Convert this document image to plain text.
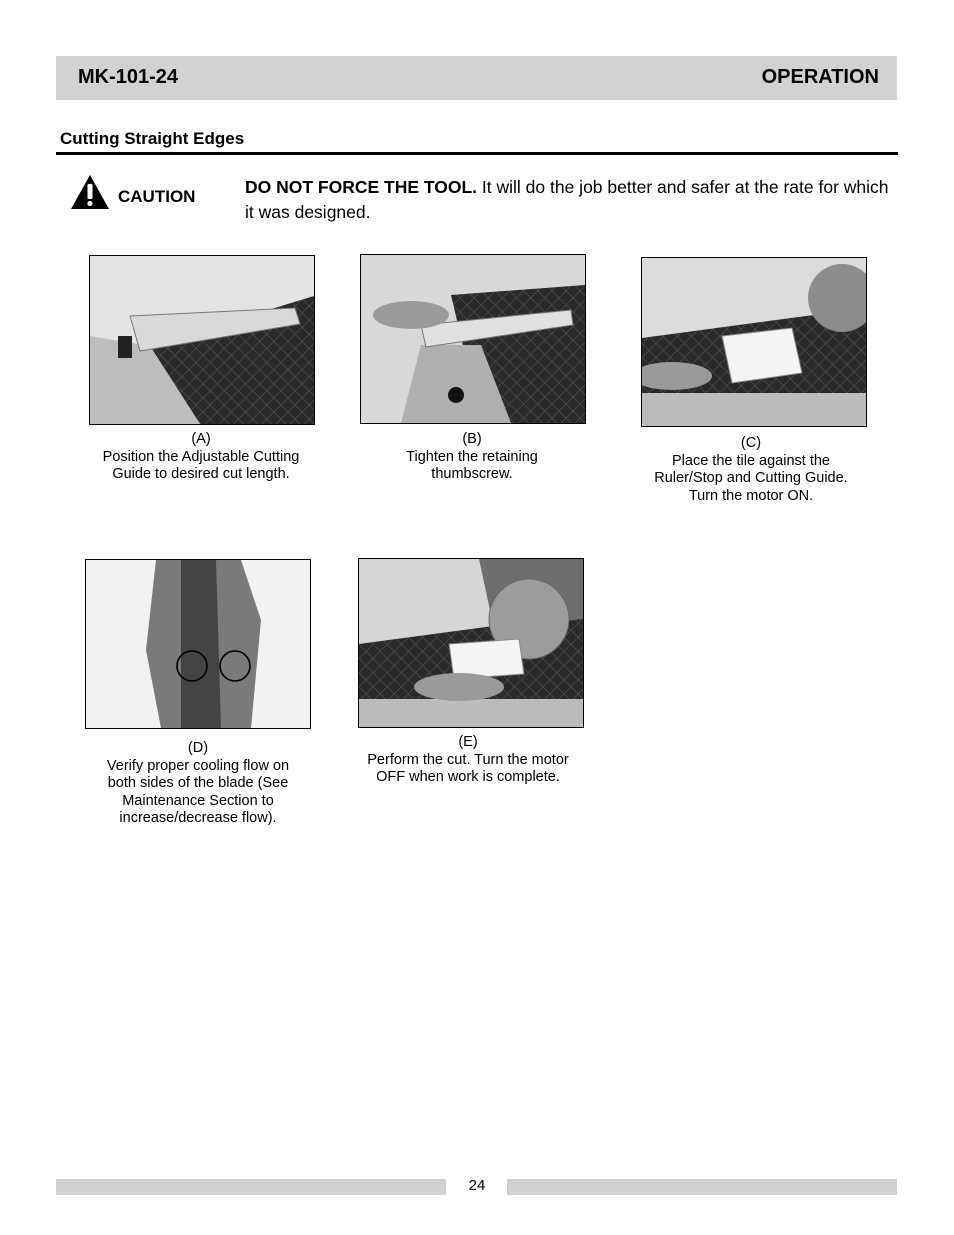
MK-101-24	OPERATION
Cutting Straight Edges
CAUTION	DO NOT FORCE THE TOOL. It will do the job better and safer at the rate for which it was designed.
(A)
Position the Adjustable Cutting
Guide to desired cut length.
(B)
Tighten the retaining
thumbscrew.
(C)
Place the tile against the
Ruler/Stop and Cutting Guide.
Turn the motor ON.
(D)
Verify proper cooling flow on
both sides of the blade (See
Maintenance Section to
increase/decrease flow).
(E)
Perform the cut. Turn the motor
OFF when work is complete.
24
